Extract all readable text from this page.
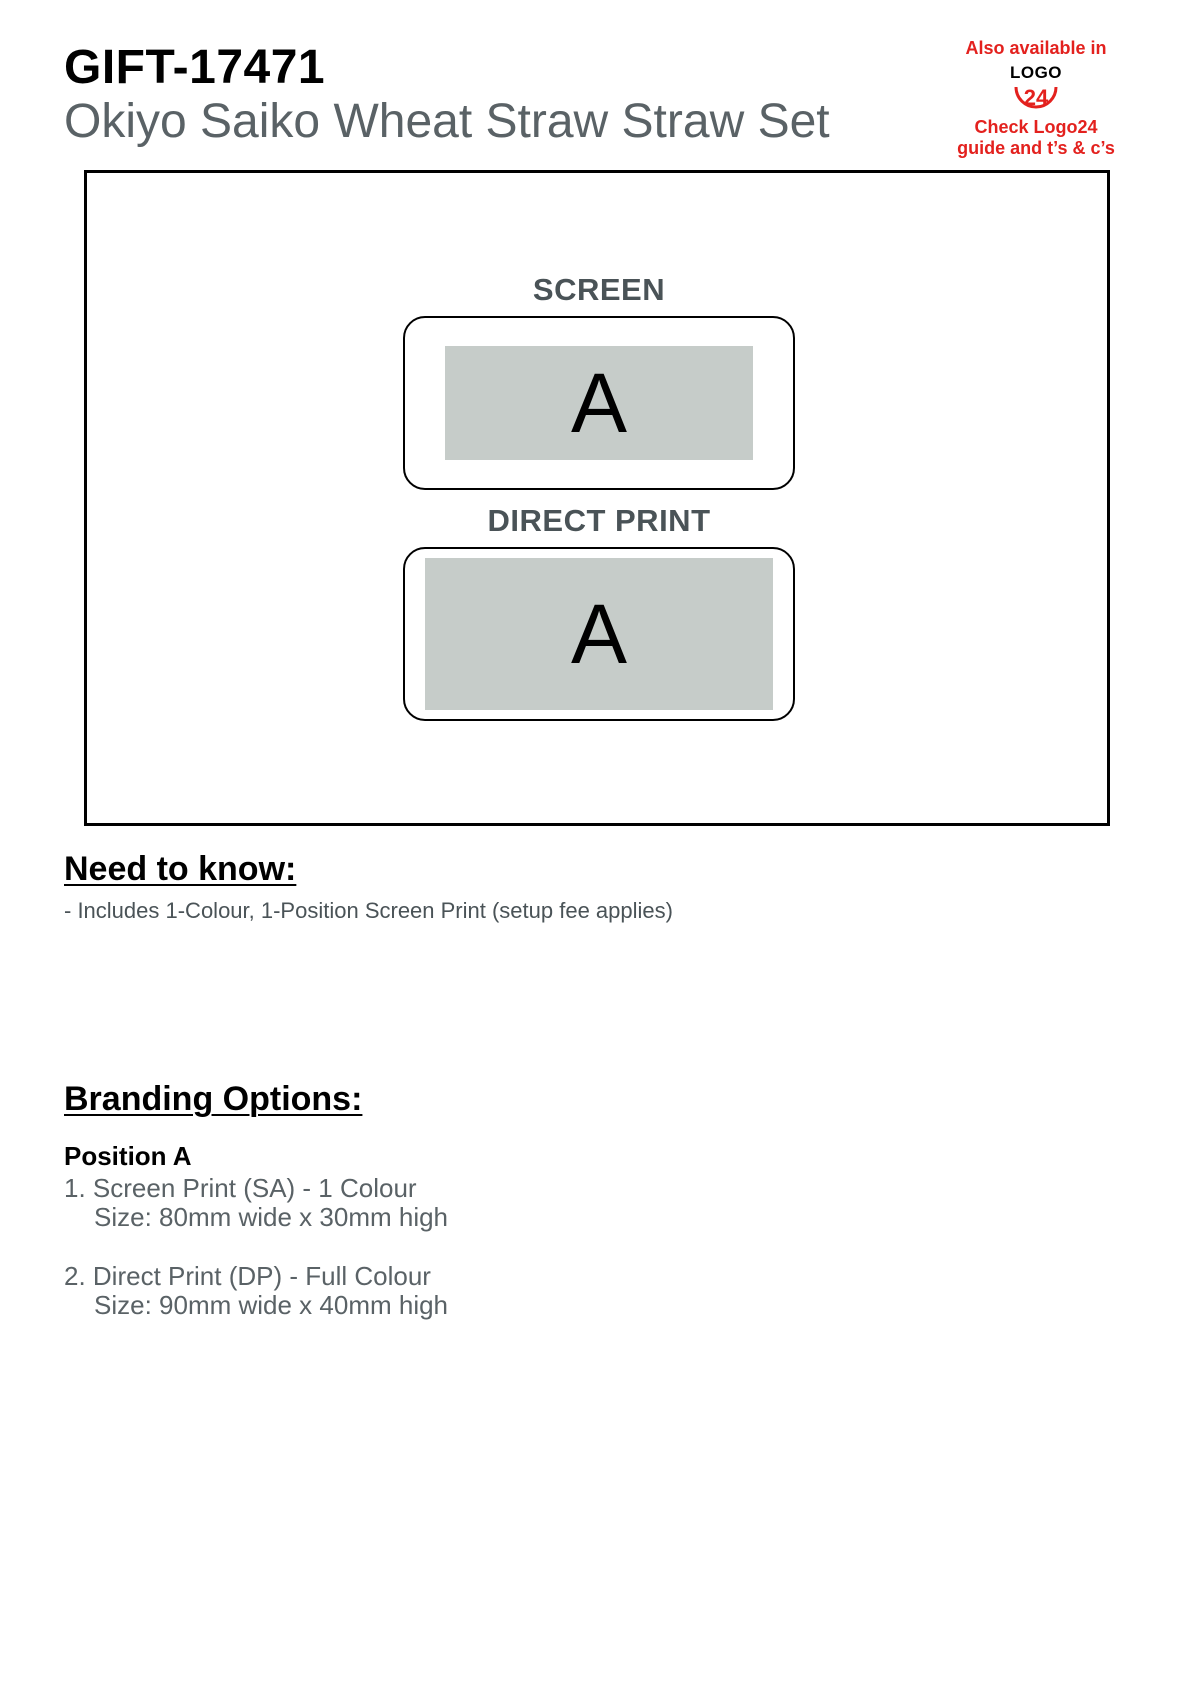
GIFT-17471
Okiyo Saiko Wheat Straw Straw Set
Also available in
LOGO
24
Check Logo24
guide and t’s & c’s
SCREEN
A
DIRECT PRINT
A
Need to know:
- Includes 1-Colour, 1-Position Screen Print (setup fee applies)
Branding Options:
Position A
1. Screen Print (SA) - 1 Colour
Size: 80mm wide x 30mm high
2. Direct Print (DP) - Full Colour
Size: 90mm wide x 40mm high
